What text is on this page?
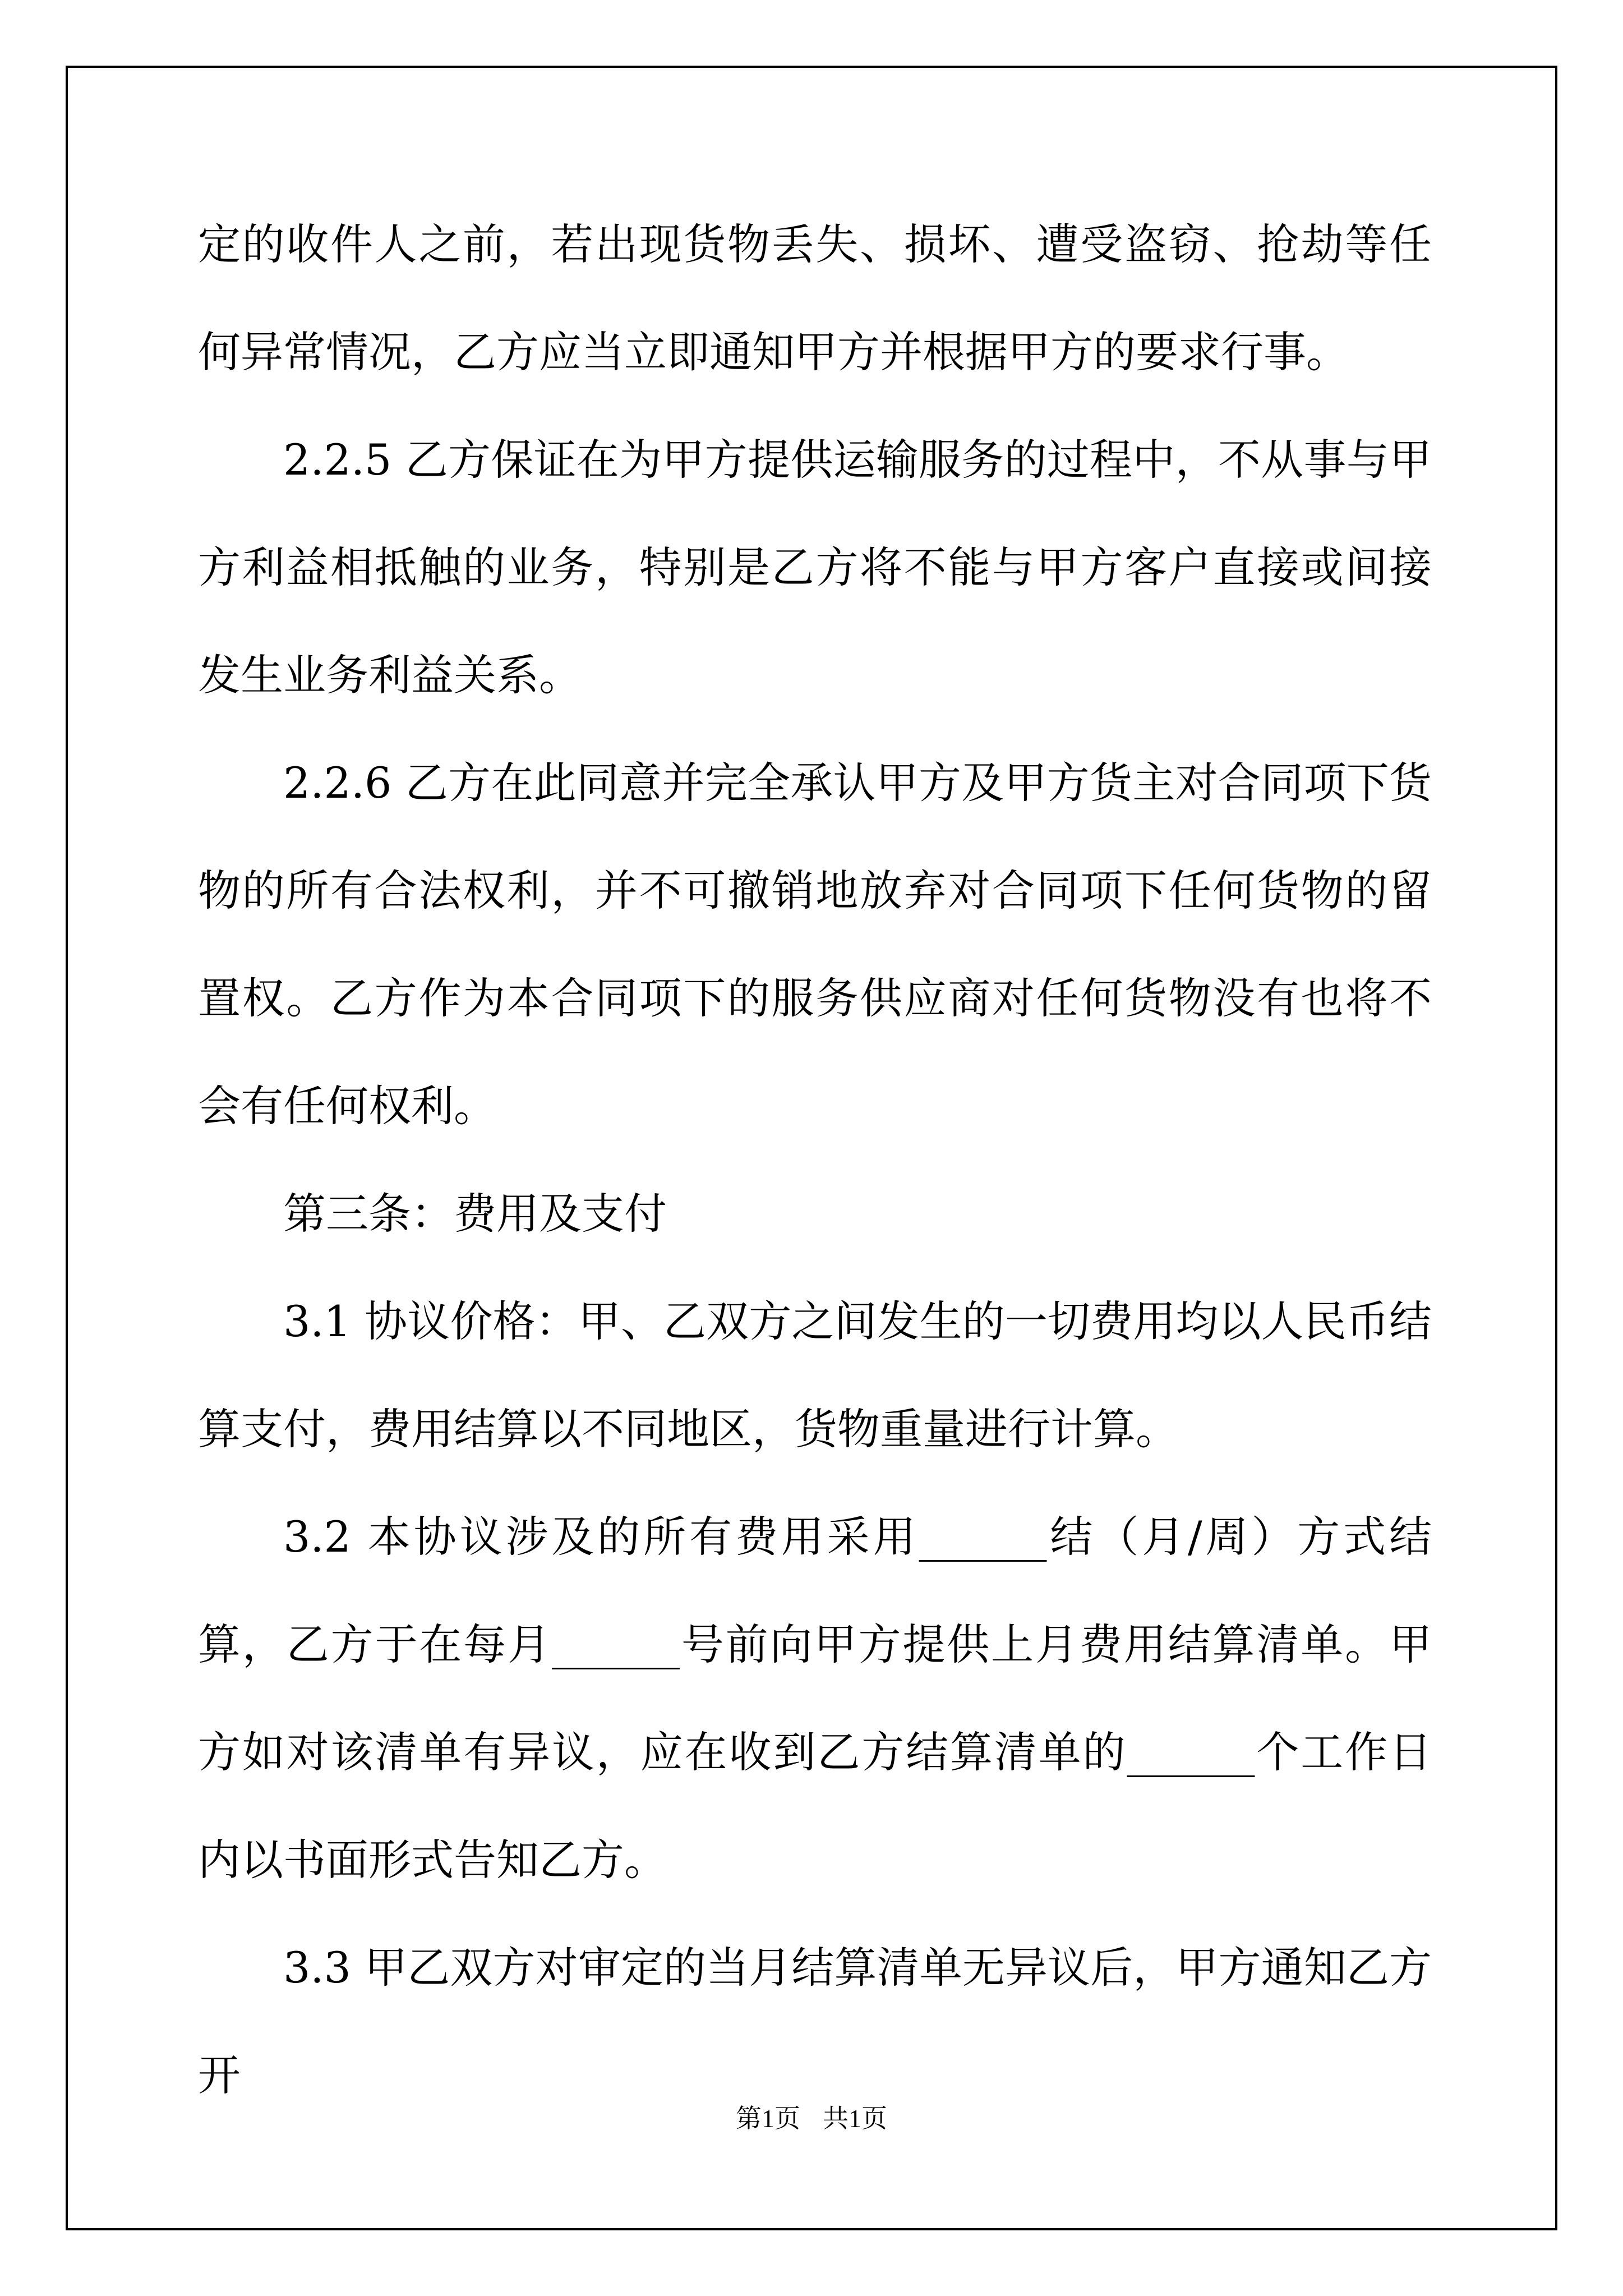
定的收件人之前，若出现货物丢失、损坏、遭受盗窃、抢劫等任何异常情况，乙方应当立即通知甲方并根据甲方的要求行事。

2.2.5 乙方保证在为甲方提供运输服务的过程中，不从事与甲方利益相抵触的业务，特别是乙方将不能与甲方客户直接或间接发生业务利益关系。

2.2.6 乙方在此同意并完全承认甲方及甲方货主对合同项下货物的所有合法权利，并不可撤销地放弃对合同项下任何货物的留置权。乙方作为本合同项下的服务供应商对任何货物没有也将不会有任何权利。

第三条：费用及支付

3.1 协议价格：甲、乙双方之间发生的一切费用均以人民币结算支付，费用结算以不同地区，货物重量进行计算。

3.2 本协议涉及的所有费用采用______结（月/周）方式结算，乙方于在每月______号前向甲方提供上月费用结算清单。甲方如对该清单有异议，应在收到乙方结算清单的______个工作日内以书面形式告知乙方。

3.3 甲乙双方对审定的当月结算清单无异议后，甲方通知乙方开

第1页 共1页
